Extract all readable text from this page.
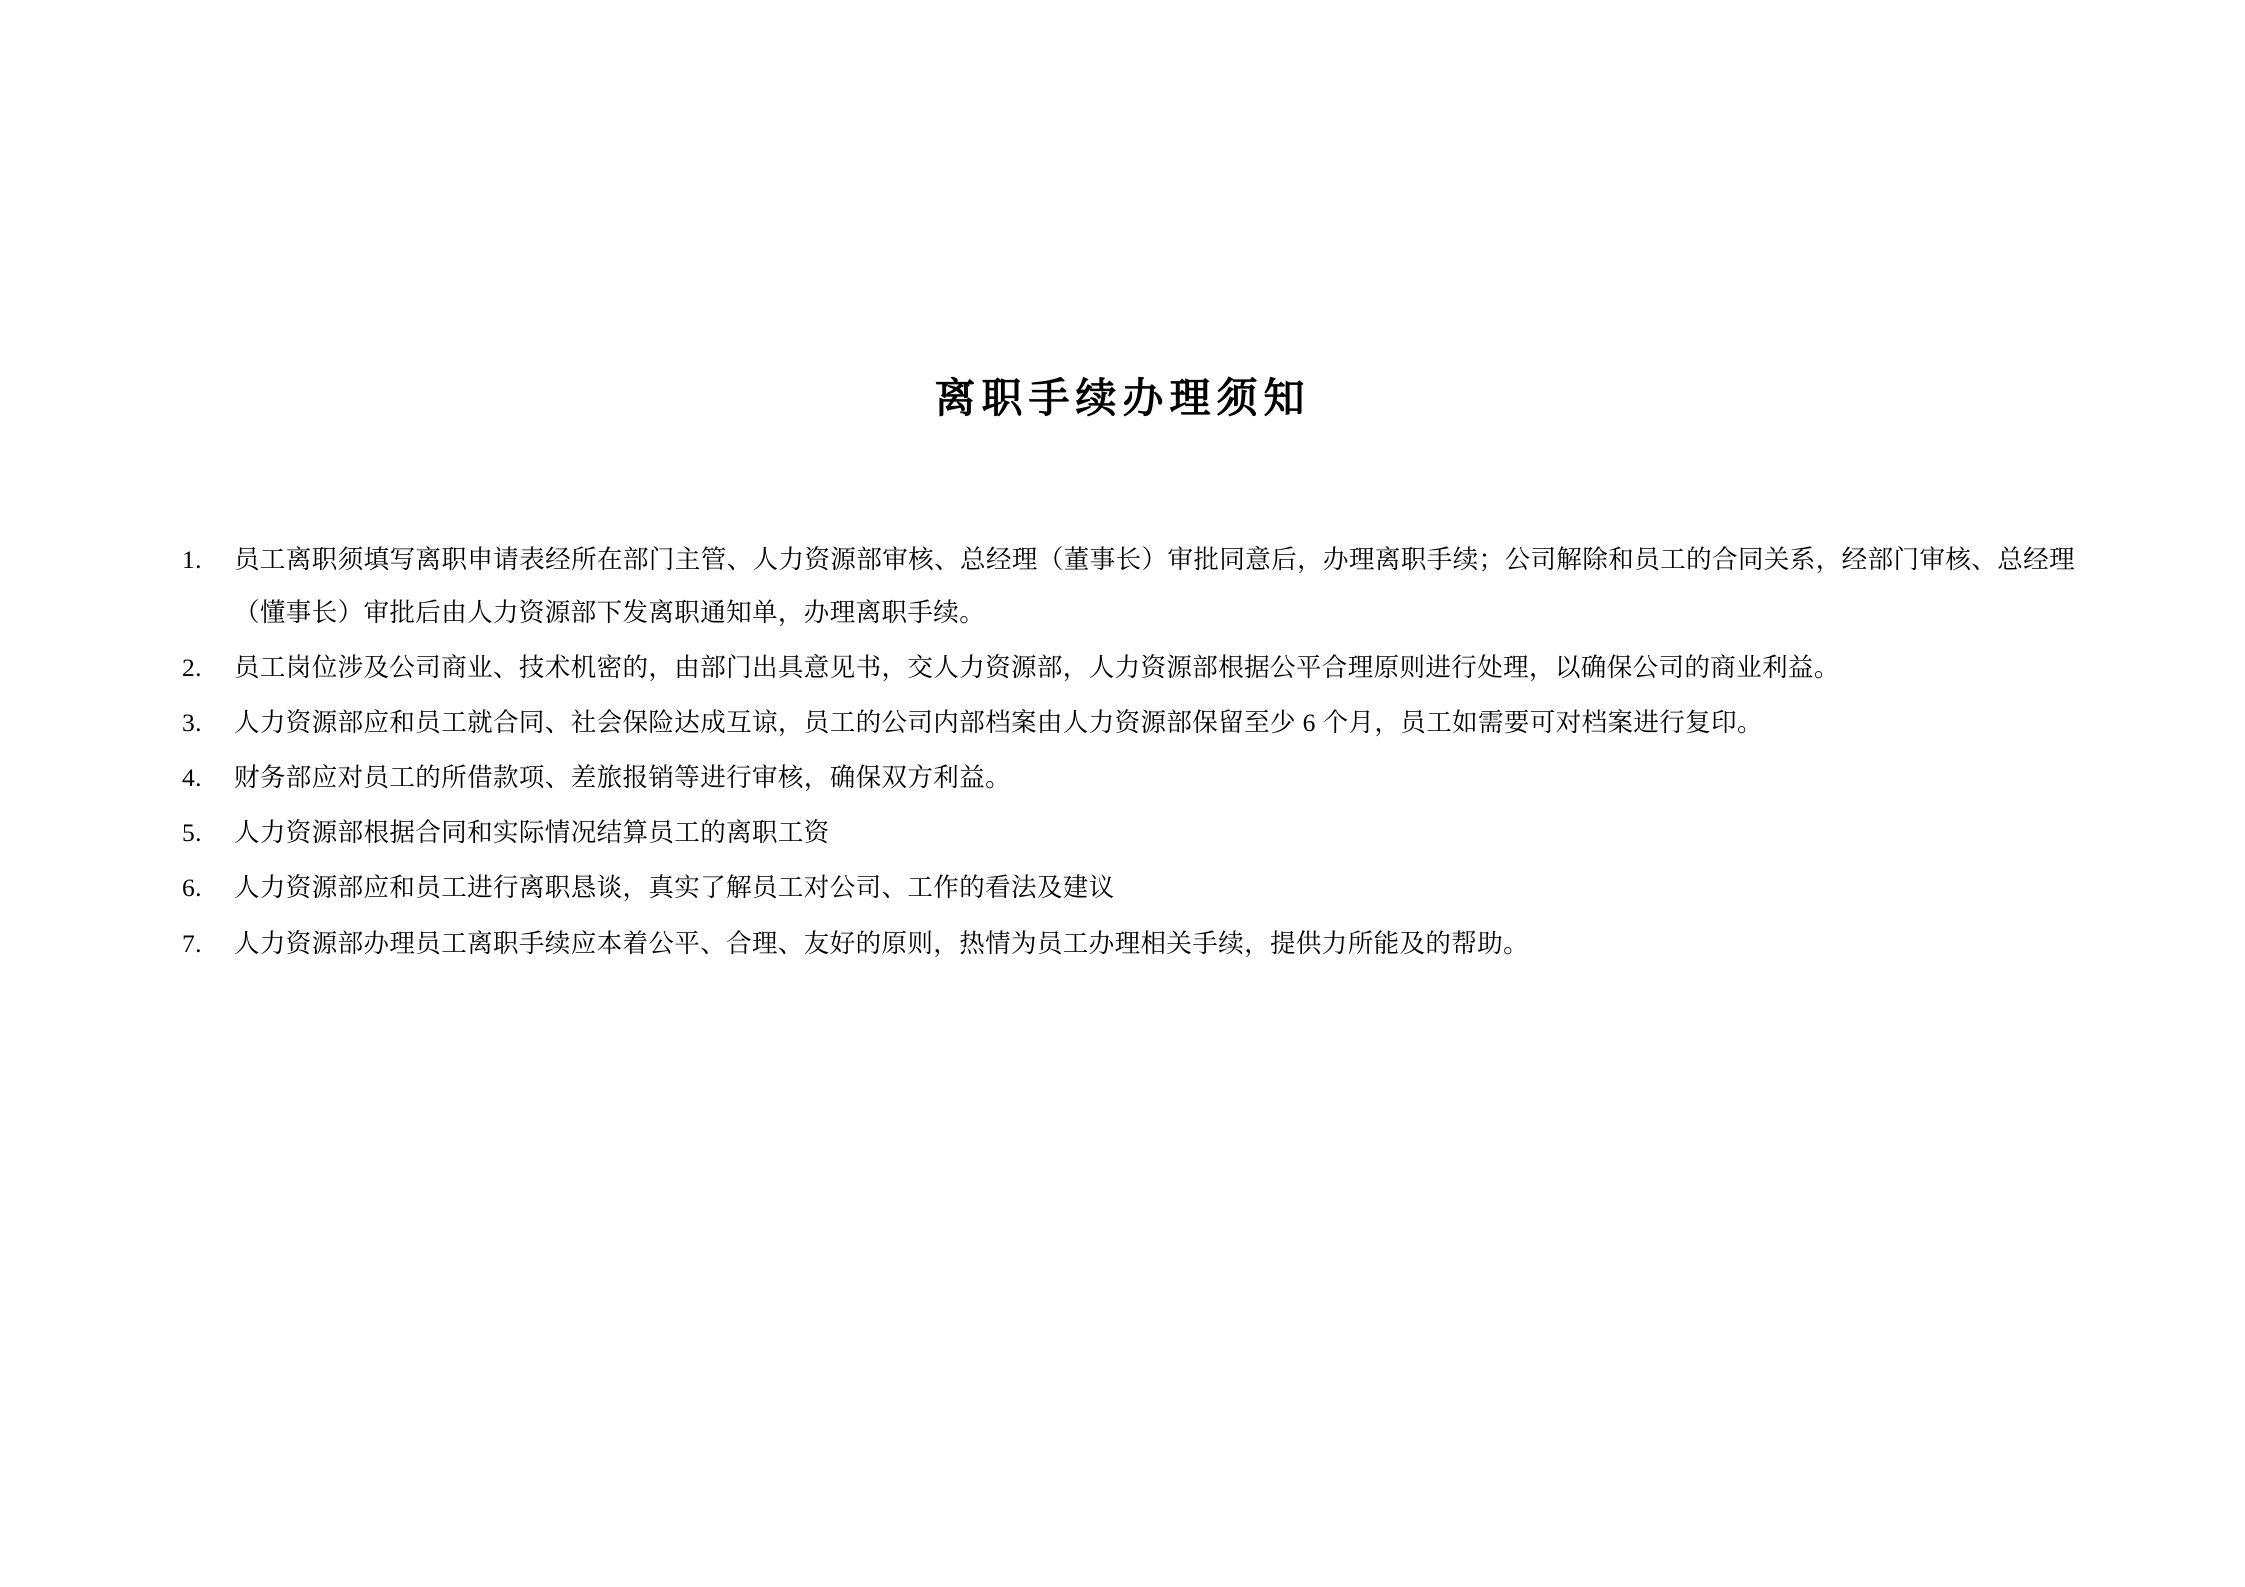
离职手续办理须知
1.	员工离职须填写离职申请表经所在部门主管、人力资源部审核、总经理（董事长）审批同意后，办理离职手续；公司解除和员工的合同关系，经部门审核、总经理（懂事长）审批后由人力资源部下发离职通知单，办理离职手续。
2.	员工岗位涉及公司商业、技术机密的，由部门出具意见书，交人力资源部，人力资源部根据公平合理原则进行处理，以确保公司的商业利益。
3.	人力资源部应和员工就合同、社会保险达成互谅，员工的公司内部档案由人力资源部保留至少 6 个月，员工如需要可对档案进行复印。
4.	财务部应对员工的所借款项、差旅报销等进行审核，确保双方利益。
5.	人力资源部根据合同和实际情况结算员工的离职工资
6.	人力资源部应和员工进行离职恳谈，真实了解员工对公司、工作的看法及建议
7.	人力资源部办理员工离职手续应本着公平、合理、友好的原则，热情为员工办理相关手续，提供力所能及的帮助。
